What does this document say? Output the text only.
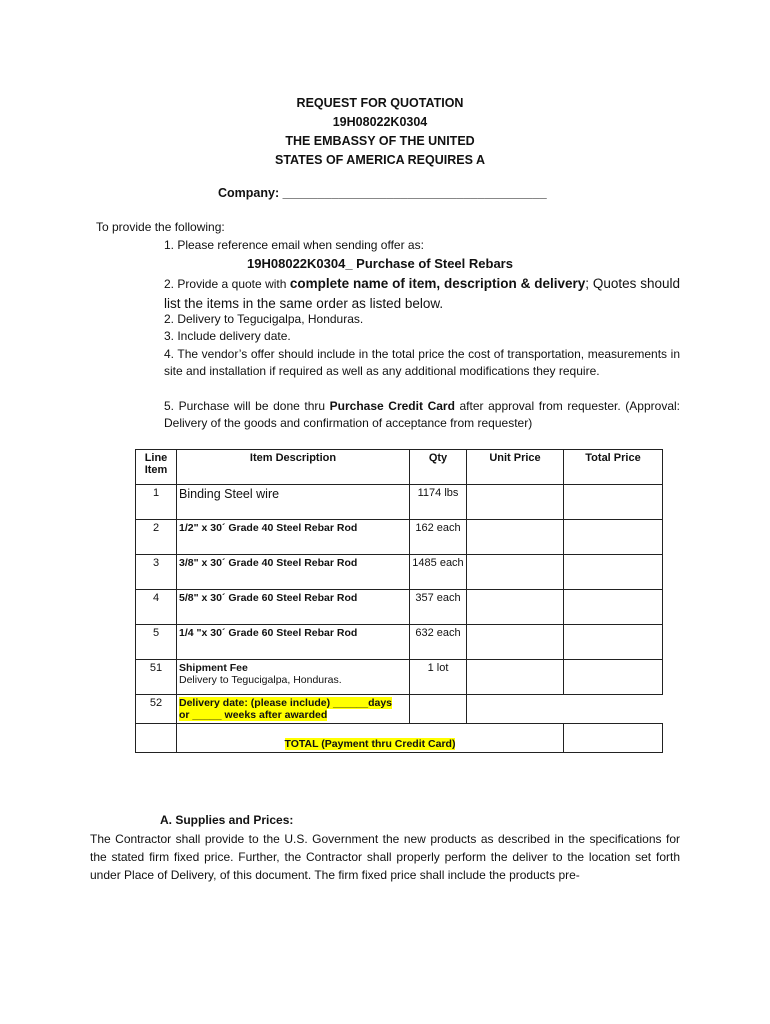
REQUEST FOR QUOTATION
19H08022K0304
THE EMBASSY OF THE UNITED
STATES OF AMERICA REQUIRES A
Company: ______________________________________
To provide the following:
1. Please reference email when sending offer as:
19H08022K0304_ Purchase of Steel Rebars
2. Provide a quote with complete name of item, description & delivery; Quotes should list the items in the same order as listed below.
2. Delivery to Tegucigalpa, Honduras.
3. Include delivery date.
4. The vendor’s offer should include in the total price the cost of transportation, measurements in site and installation if required as well as any additional modifications they require.
5. Purchase will be done thru Purchase Credit Card after approval from requester. (Approval: Delivery of the goods and confirmation of acceptance from requester)
Line Item	Item Description	Qty	Unit Price	Total Price
1	Binding Steel wire	1174 lbs		
2	1/2" x 30´ Grade 40 Steel Rebar Rod	162 each		
3	3/8" x 30´ Grade 40 Steel Rebar Rod	1485 each		
4	5/8" x 30´ Grade 60 Steel Rebar Rod	357 each		
5	1/4 "x 30´ Grade 60 Steel Rebar Rod	632 each		
51	Shipment Fee
Delivery to Tegucigalpa, Honduras.	1 lot		
52	Delivery date: (please include) ______days
or _____ weeks after awarded			

	TOTAL (Payment thru Credit Card)			
A. Supplies and Prices:
The Contractor shall provide to the U.S. Government the new products as described in the specifications for the stated firm fixed price. Further, the Contractor shall properly perform the deliver to the location set forth under Place of Delivery, of this document. The firm fixed price shall include the products pre-
